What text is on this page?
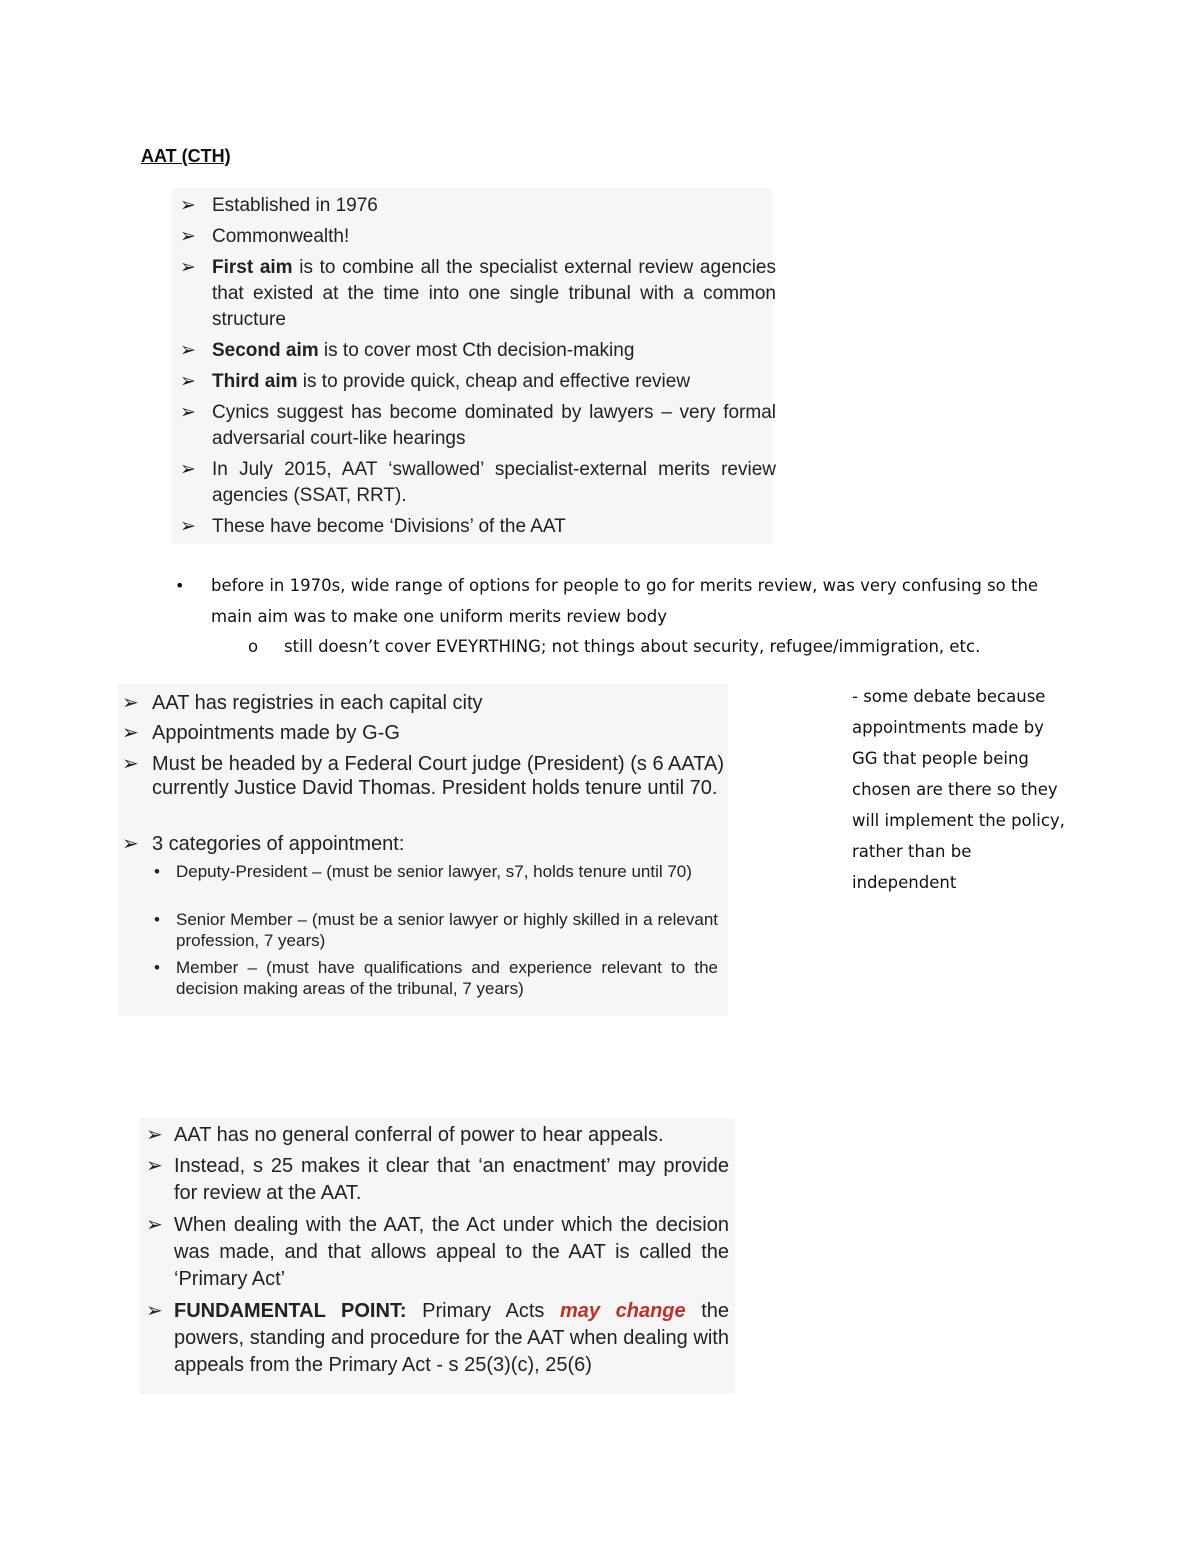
AAT (CTH)
➢ Established in 1976
➢ Commonwealth!
➢ First aim is to combine all the specialist external review agencies that existed at the time into one single tribunal with a common structure
➢ Second aim is to cover most Cth decision-making
➢ Third aim is to provide quick, cheap and effective review
➢ Cynics suggest has become dominated by lawyers – very formal adversarial court-like hearings
➢ In July 2015, AAT ‘swallowed’ specialist-external merits review agencies (SSAT, RRT).
➢ These have become ‘Divisions’ of the AAT
• before in 1970s, wide range of options for people to go for merits review, was very confusing so the main aim was to make one uniform merits review body
o still doesn’t cover EVEYRTHING; not things about security, refugee/immigration, etc.
➢ AAT has registries in each capital city
➢ Appointments made by G-G
➢ Must be headed by a Federal Court judge (President) (s 6 AATA) currently Justice David Thomas. President holds tenure until 70.
➢ 3 categories of appointment:
• Deputy-President – (must be senior lawyer, s7, holds tenure until 70)
• Senior Member – (must be a senior lawyer or highly skilled in a relevant profession, 7 years)
• Member – (must have qualifications and experience relevant to the decision making areas of the tribunal, 7 years)
- some debate because appointments made by GG that people being chosen are there so they will implement the policy, rather than be independent
➢ AAT has no general conferral of power to hear appeals.
➢ Instead, s 25 makes it clear that ‘an enactment’ may provide for review at the AAT.
➢ When dealing with the AAT, the Act under which the decision was made, and that allows appeal to the AAT is called the ‘Primary Act’
➢ FUNDAMENTAL POINT: Primary Acts may change the powers, standing and procedure for the AAT when dealing with appeals from the Primary Act - s 25(3)(c), 25(6)
